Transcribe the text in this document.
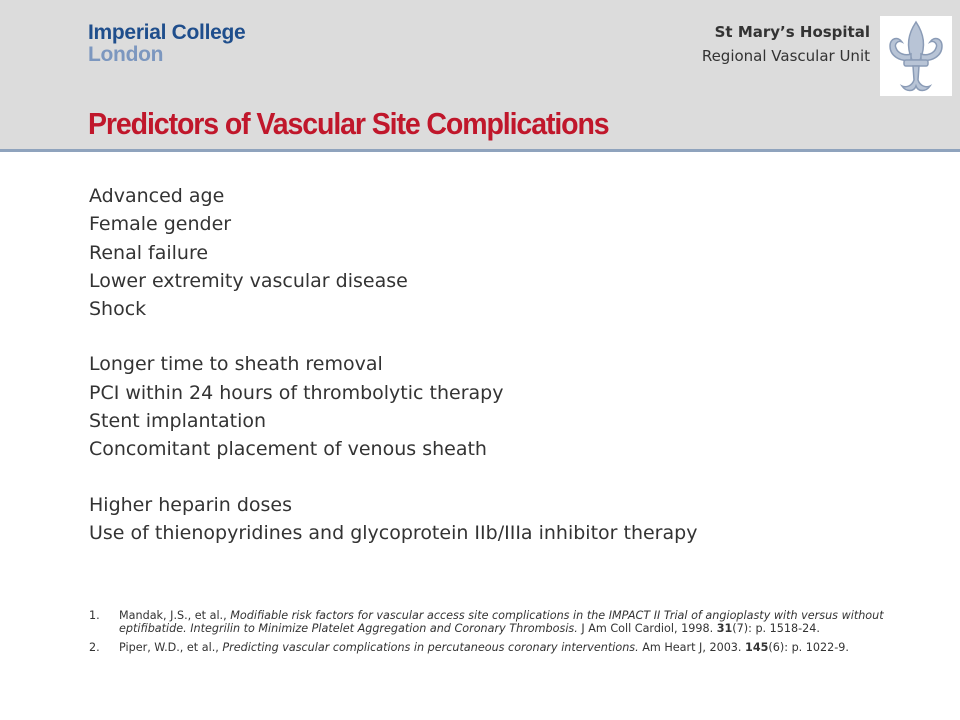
Imperial College
London
St Mary’s Hospital
Regional Vascular Unit
Predictors of Vascular Site Complications
Advanced age
Female gender
Renal failure
Lower extremity vascular disease
Shock
Longer time to sheath removal
PCI within 24 hours of thrombolytic therapy
Stent implantation
Concomitant placement of venous sheath
Higher heparin doses
Use of thienopyridines and glycoprotein IIb/IIIa inhibitor therapy
1.	Mandak, J.S., et al., Modifiable risk factors for vascular access site complications in the IMPACT II Trial of angioplasty with versus without eptifibatide. Integrilin to Minimize Platelet Aggregation and Coronary Thrombosis. J Am Coll Cardiol, 1998. 31(7): p. 1518-24.
2.	Piper, W.D., et al., Predicting vascular complications in percutaneous coronary interventions. Am Heart J, 2003. 145(6): p. 1022-9.
